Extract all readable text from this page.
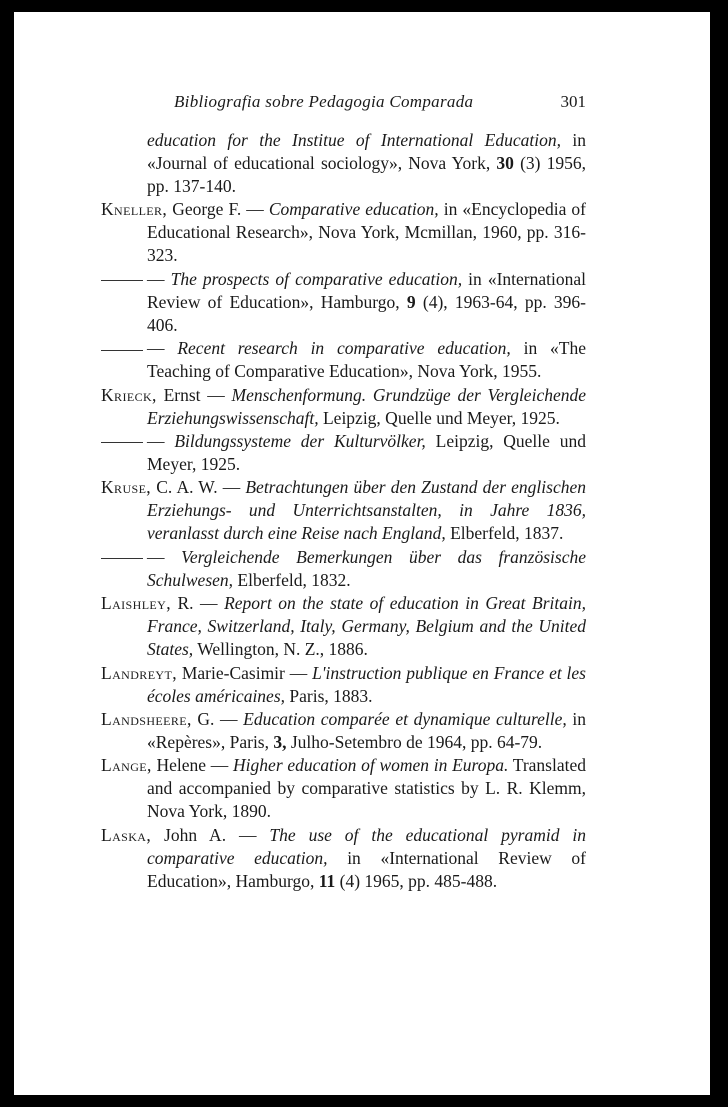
Bibliografia sobre Pedagogia Comparada	301

education for the Institue of International Education, in «Journal of educational sociology», Nova York, 30 (3) 1956, pp. 137-140.

Kneller, George F. — Comparative education, in «Encyclopedia of Educational Research», Nova York, Mcmillan, 1960, pp. 316-323.

— The prospects of comparative education, in «International Review of Education», Hamburgo, 9 (4), 1963-64, pp. 396-406.

— Recent research in comparative education, in «The Teaching of Comparative Education», Nova York, 1955.

Krieck, Ernst — Menschenformung. Grundzüge der Vergleichende Erziehungswissenschaft, Leipzig, Quelle und Meyer, 1925.

— Bildungssysteme der Kulturvölker, Leipzig, Quelle und Meyer, 1925.

Kruse, C. A. W. — Betrachtungen über den Zustand der englischen Erziehungs- und Unterrichtsanstalten, in Jahre 1836, veranlasst durch eine Reise nach England, Elberfeld, 1837.

— Vergleichende Bemerkungen über das französische Schulwesen, Elberfeld, 1832.

Laishley, R. — Report on the state of education in Great Britain, France, Switzerland, Italy, Germany, Belgium and the United States, Wellington, N. Z., 1886.

Landreyt, Marie-Casimir — L'instruction publique en France et les écoles américaines, Paris, 1883.

Landsheere, G. — Education comparée et dynamique culturelle, in «Repères», Paris, 3, Julho-Setembro de 1964, pp. 64-79.

Lange, Helene — Higher education of women in Europa. Translated and accompanied by comparative statistics by L. R. Klemm, Nova York, 1890.

Laska, John A. — The use of the educational pyramid in comparative education, in «International Review of Education», Hamburgo, 11 (4) 1965, pp. 485-488.
